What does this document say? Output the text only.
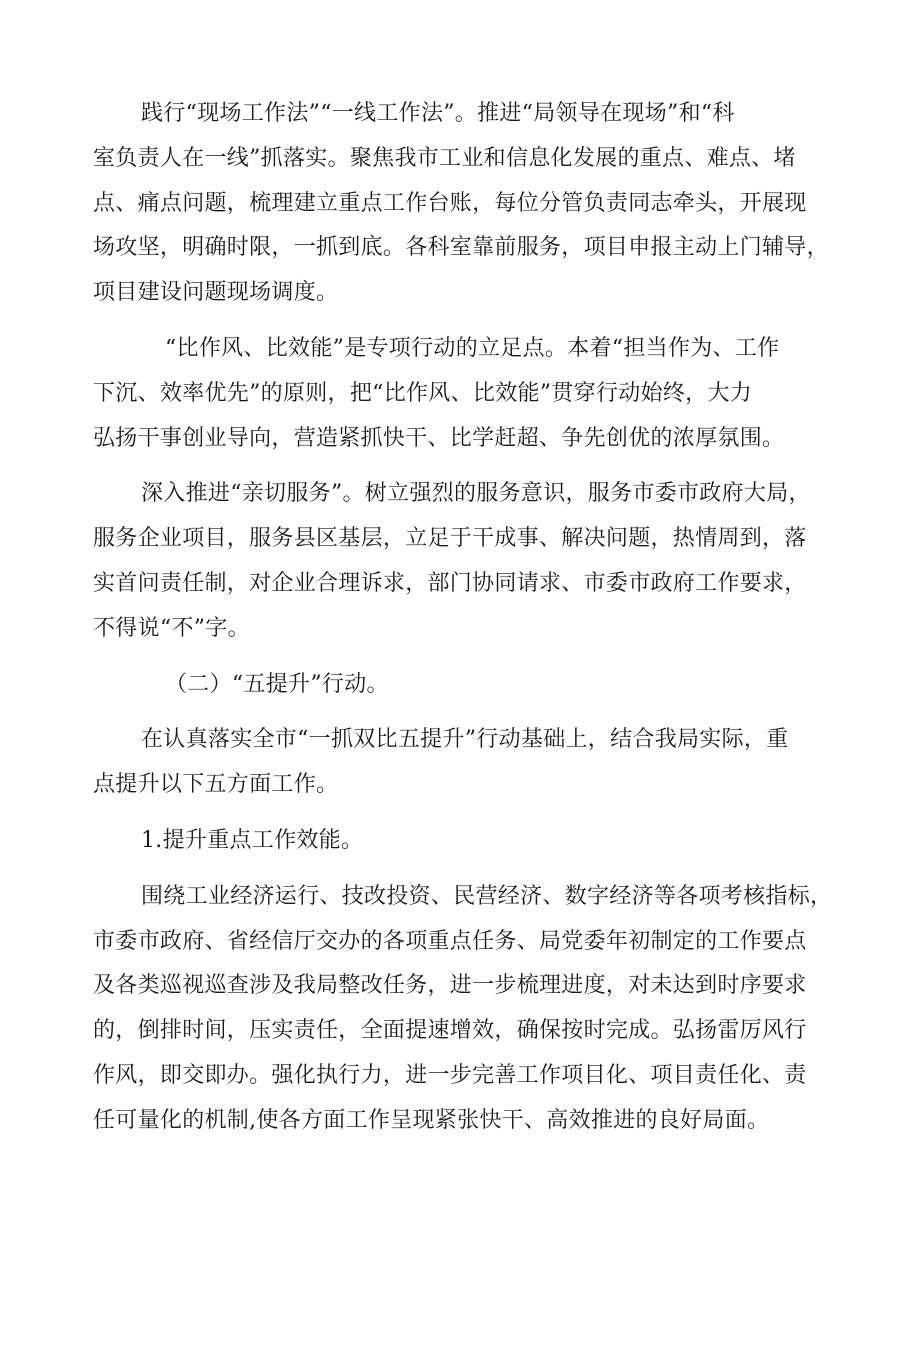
践行“现场工作法”“一线工作法”。推进“局领导在现场”和“科
室负责人在一线”抓落实。聚焦我市工业和信息化发展的重点、难点、堵
点、痛点问题，梳理建立重点工作台账，每位分管负责同志牵头，开展现
场攻坚，明确时限，一抓到底。各科室靠前服务，项目申报主动上门辅导，
项目建设问题现场调度。
“比作风、比效能”是专项行动的立足点。本着“担当作为、工作
下沉、效率优先”的原则，把“比作风、比效能”贯穿行动始终，大力
弘扬干事创业导向，营造紧抓快干、比学赶超、争先创优的浓厚氛围。
深入推进“亲切服务”。树立强烈的服务意识，服务市委市政府大局，
服务企业项目，服务县区基层，立足于干成事、解决问题，热情周到，落
实首问责任制，对企业合理诉求，部门协同请求、市委市政府工作要求，
不得说“不”字。
（二）“五提升”行动。
在认真落实全市“一抓双比五提升”行动基础上，结合我局实际，重
点提升以下五方面工作。
1.提升重点工作效能。
围绕工业经济运行、技改投资、民营经济、数字经济等各项考核指标，
市委市政府、省经信厅交办的各项重点任务、局党委年初制定的工作要点
及各类巡视巡查涉及我局整改任务，进一步梳理进度，对未达到时序要求
的，倒排时间，压实责任，全面提速增效，确保按时完成。弘扬雷厉风行
作风，即交即办。强化执行力，进一步完善工作项目化、项目责任化、责
任可量化的机制,使各方面工作呈现紧张快干、高效推进的良好局面。
